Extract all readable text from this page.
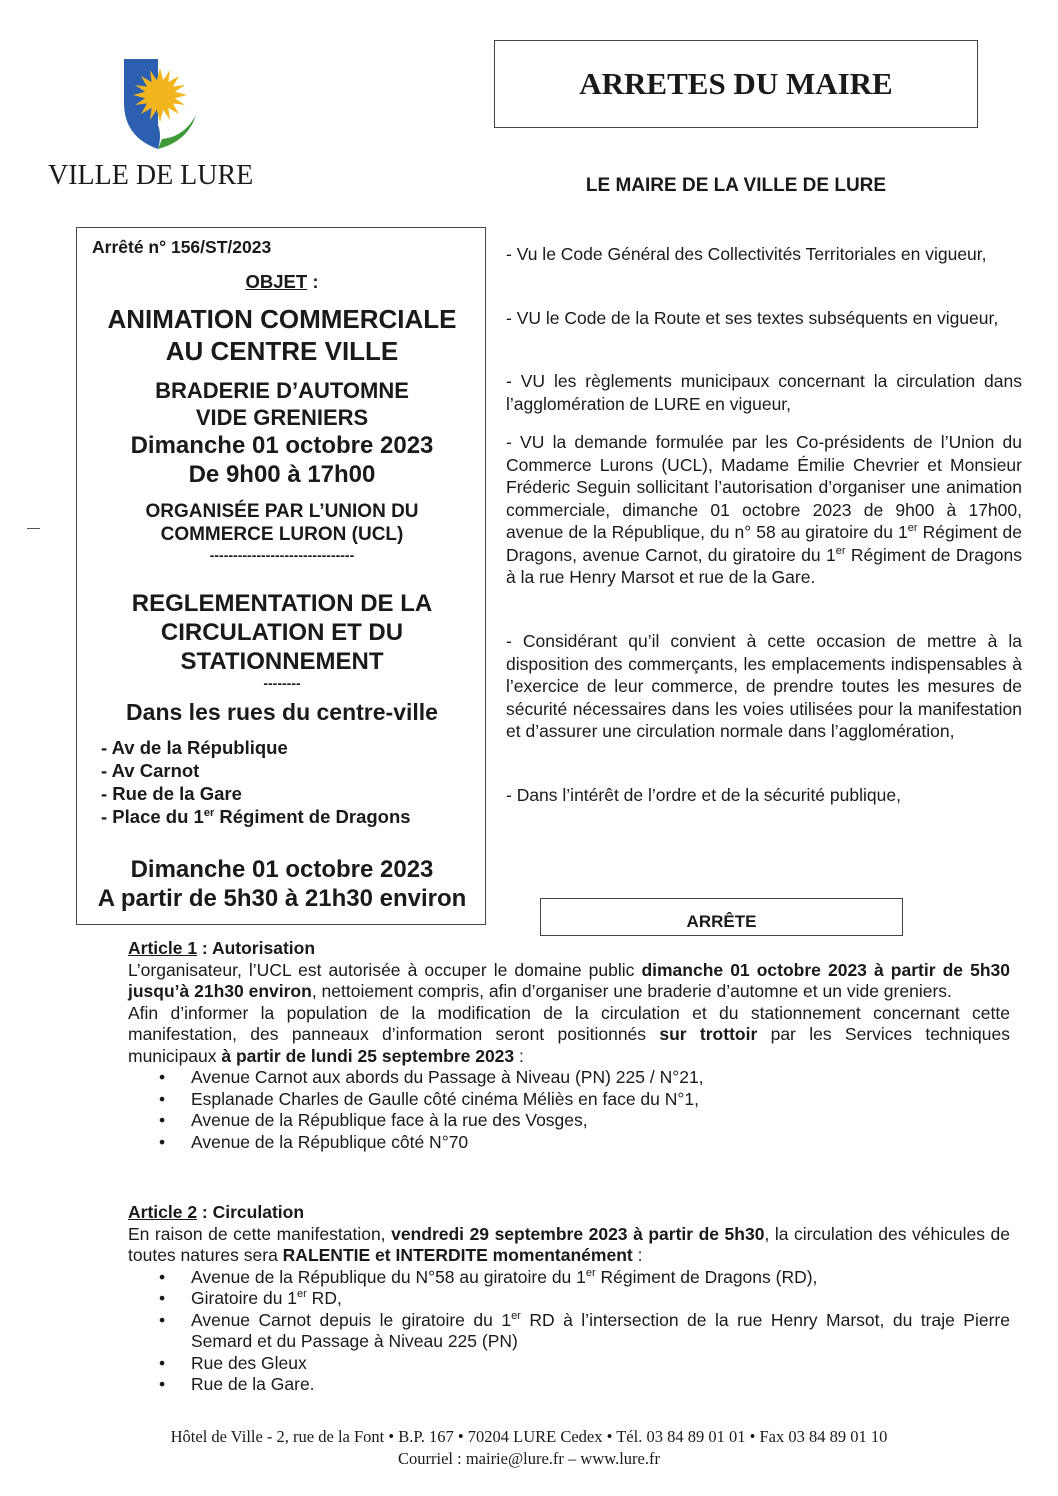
VILLE DE LURE
ARRETES DU MAIRE
LE MAIRE DE LA VILLE DE LURE
Arrêté n° 156/ST/2023
OBJET :
ANIMATION COMMERCIALE
AU CENTRE VILLE
BRADERIE D’AUTOMNE
VIDE GRENIERS
Dimanche 01 octobre 2023
De 9h00 à 17h00
ORGANISÉE PAR L’UNION DU
COMMERCE LURON (UCL)
-------------------------------
REGLEMENTATION DE LA
CIRCULATION ET DU
STATIONNEMENT
--------
Dans les rues du centre-ville
- Av de la République
- Av Carnot
- Rue de la Gare
- Place du 1er Régiment de Dragons
Dimanche 01 octobre 2023
A partir de 5h30 à 21h30 environ
- Vu le Code Général des Collectivités Territoriales en vigueur,
- VU le Code de la Route et ses textes subséquents en vigueur,
- VU les règlements municipaux concernant la circulation dans l’agglomération de LURE en vigueur,
- VU la demande formulée par les Co-présidents de l’Union du Commerce Lurons (UCL), Madame Émilie Chevrier et Monsieur Fréderic Seguin sollicitant l’autorisation d’organiser une animation commerciale, dimanche 01 octobre 2023 de 9h00 à 17h00, avenue de la République, du n° 58 au giratoire du 1er Régiment de Dragons, avenue Carnot, du giratoire du 1er Régiment de Dragons à la rue Henry Marsot et rue de la Gare.
- Considérant qu’il convient à cette occasion de mettre à la disposition des commerçants, les emplacements indispensables à l’exercice de leur commerce, de prendre toutes les mesures de sécurité nécessaires dans les voies utilisées pour la manifestation et d’assurer une circulation normale dans l’agglomération,
- Dans l’intérêt de l’ordre et de la sécurité publique,
ARRÊTE
Article 1 : Autorisation
L’organisateur, l’UCL est autorisée à occuper le domaine public dimanche 01 octobre 2023 à partir de 5h30 jusqu’à 21h30 environ, nettoiement compris, afin d’organiser une braderie d’automne et un vide greniers.
Afin d’informer la population de la modification de la circulation et du stationnement concernant cette manifestation, des panneaux d’information seront positionnés sur trottoir par les Services techniques municipaux à partir de lundi 25 septembre 2023 :
• Avenue Carnot aux abords du Passage à Niveau (PN) 225 / N°21,
• Esplanade Charles de Gaulle côté cinéma Méliès en face du N°1,
• Avenue de la République face à la rue des Vosges,
• Avenue de la République côté N°70
Article 2 : Circulation
En raison de cette manifestation, vendredi 29 septembre 2023 à partir de 5h30, la circulation des véhicules de toutes natures sera RALENTIE et INTERDITE momentanément :
• Avenue de la République du N°58 au giratoire du 1er Régiment de Dragons (RD),
• Giratoire du 1er RD,
• Avenue Carnot depuis le giratoire du 1er RD à l’intersection de la rue Henry Marsot, du traje Pierre Semard et du Passage à Niveau 225 (PN)
• Rue des Gleux
• Rue de la Gare.
Hôtel de Ville - 2, rue de la Font • B.P. 167 • 70204 LURE Cedex • Tél. 03 84 89 01 01 • Fax 03 84 89 01 10
Courriel : mairie@lure.fr – www.lure.fr
